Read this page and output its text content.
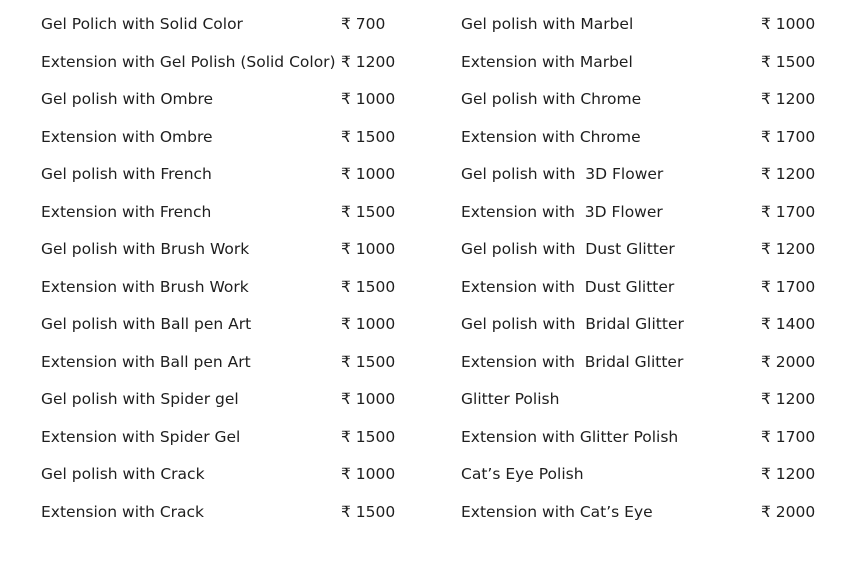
Gel Polich with Solid Color	₹ 700
Extension with Gel Polish (Solid Color) ₹ 1200
Gel polish with Ombre	₹ 1000
Extension with Ombre	₹ 1500
Gel polish with French	₹ 1000
Extension with French	₹ 1500
Gel polish with Brush Work	₹ 1000
Extension with Brush Work	₹ 1500
Gel polish with Ball pen Art	₹ 1000
Extension with Ball pen Art	₹ 1500
Gel polish with Spider gel	₹ 1000
Extension with Spider Gel	₹ 1500
Gel polish with Crack	₹ 1000
Extension with Crack	₹ 1500
Gel polish with Marbel	₹ 1000
Extension with Marbel	₹ 1500
Gel polish with Chrome	₹ 1200
Extension with Chrome	₹ 1700
Gel polish with  3D Flower	₹ 1200
Extension with  3D Flower	₹ 1700
Gel polish with  Dust Glitter	₹ 1200
Extension with  Dust Glitter	₹ 1700
Gel polish with  Bridal Glitter	₹ 1400
Extension with  Bridal Glitter	₹ 2000
Glitter Polish	₹ 1200
Extension with Glitter Polish	₹ 1700
Cat’s Eye Polish	₹ 1200
Extension with Cat’s Eye	₹ 2000
